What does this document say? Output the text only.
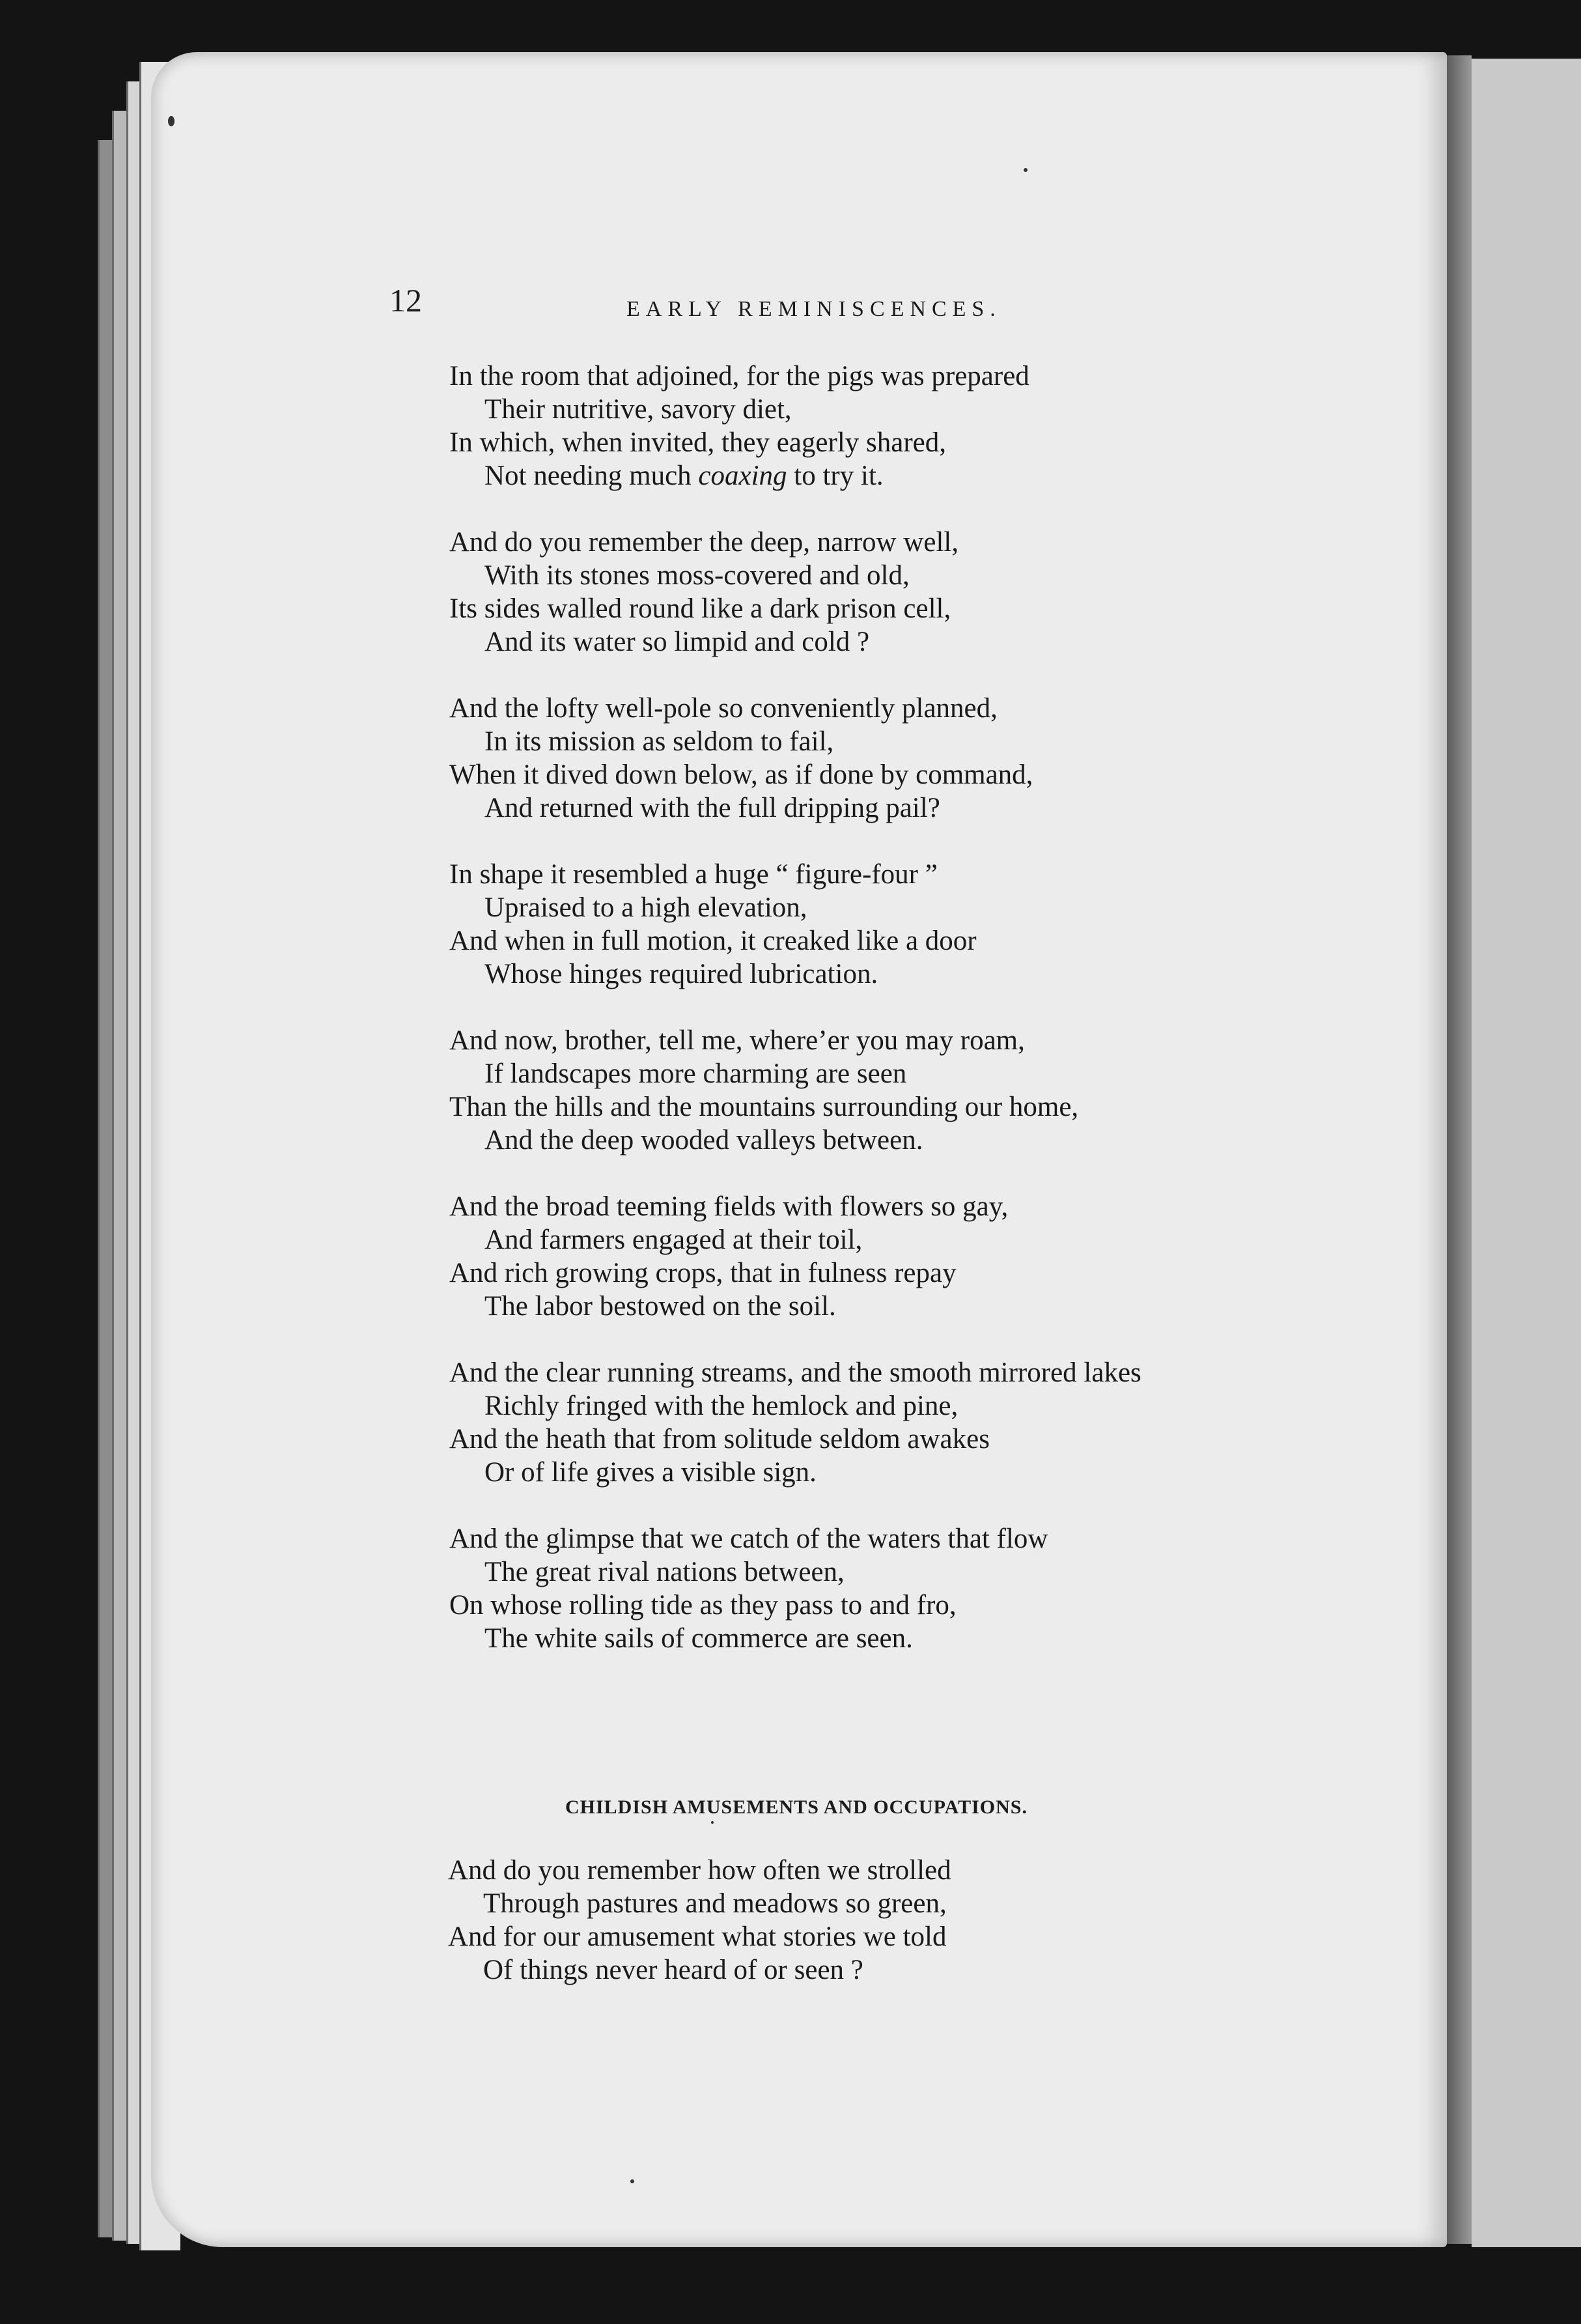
12	EARLY REMINISCENCES.
In the room that adjoined, for the pigs was prepared
Their nutritive, savory diet,
In which, when invited, they eagerly shared,
Not needing much coaxing to try it.
And do you remember the deep, narrow well,
With its stones moss-covered and old,
Its sides walled round like a dark prison cell,
And its water so limpid and cold ?
And the lofty well-pole so conveniently planned,
In its mission as seldom to fail,
When it dived down below, as if done by command,
And returned with the full dripping pail?
In shape it resembled a huge “ figure-four ”
Upraised to a high elevation,
And when in full motion, it creaked like a door
Whose hinges required lubrication.
And now, brother, tell me, where’er you may roam,
If landscapes more charming are seen
Than the hills and the mountains surrounding our home,
And the deep wooded valleys between.
And the broad teeming fields with flowers so gay,
And farmers engaged at their toil,
And rich growing crops, that in fulness repay
The labor bestowed on the soil.
And the clear running streams, and the smooth mirrored lakes
Richly fringed with the hemlock and pine,
And the heath that from solitude seldom awakes
Or of life gives a visible sign.
And the glimpse that we catch of the waters that flow
The great rival nations between,
On whose rolling tide as they pass to and fro,
The white sails of commerce are seen.
CHILDISH AMUSEMENTS AND OCCUPATIONS.
And do you remember how often we strolled
Through pastures and meadows so green,
And for our amusement what stories we told
Of things never heard of or seen ?
